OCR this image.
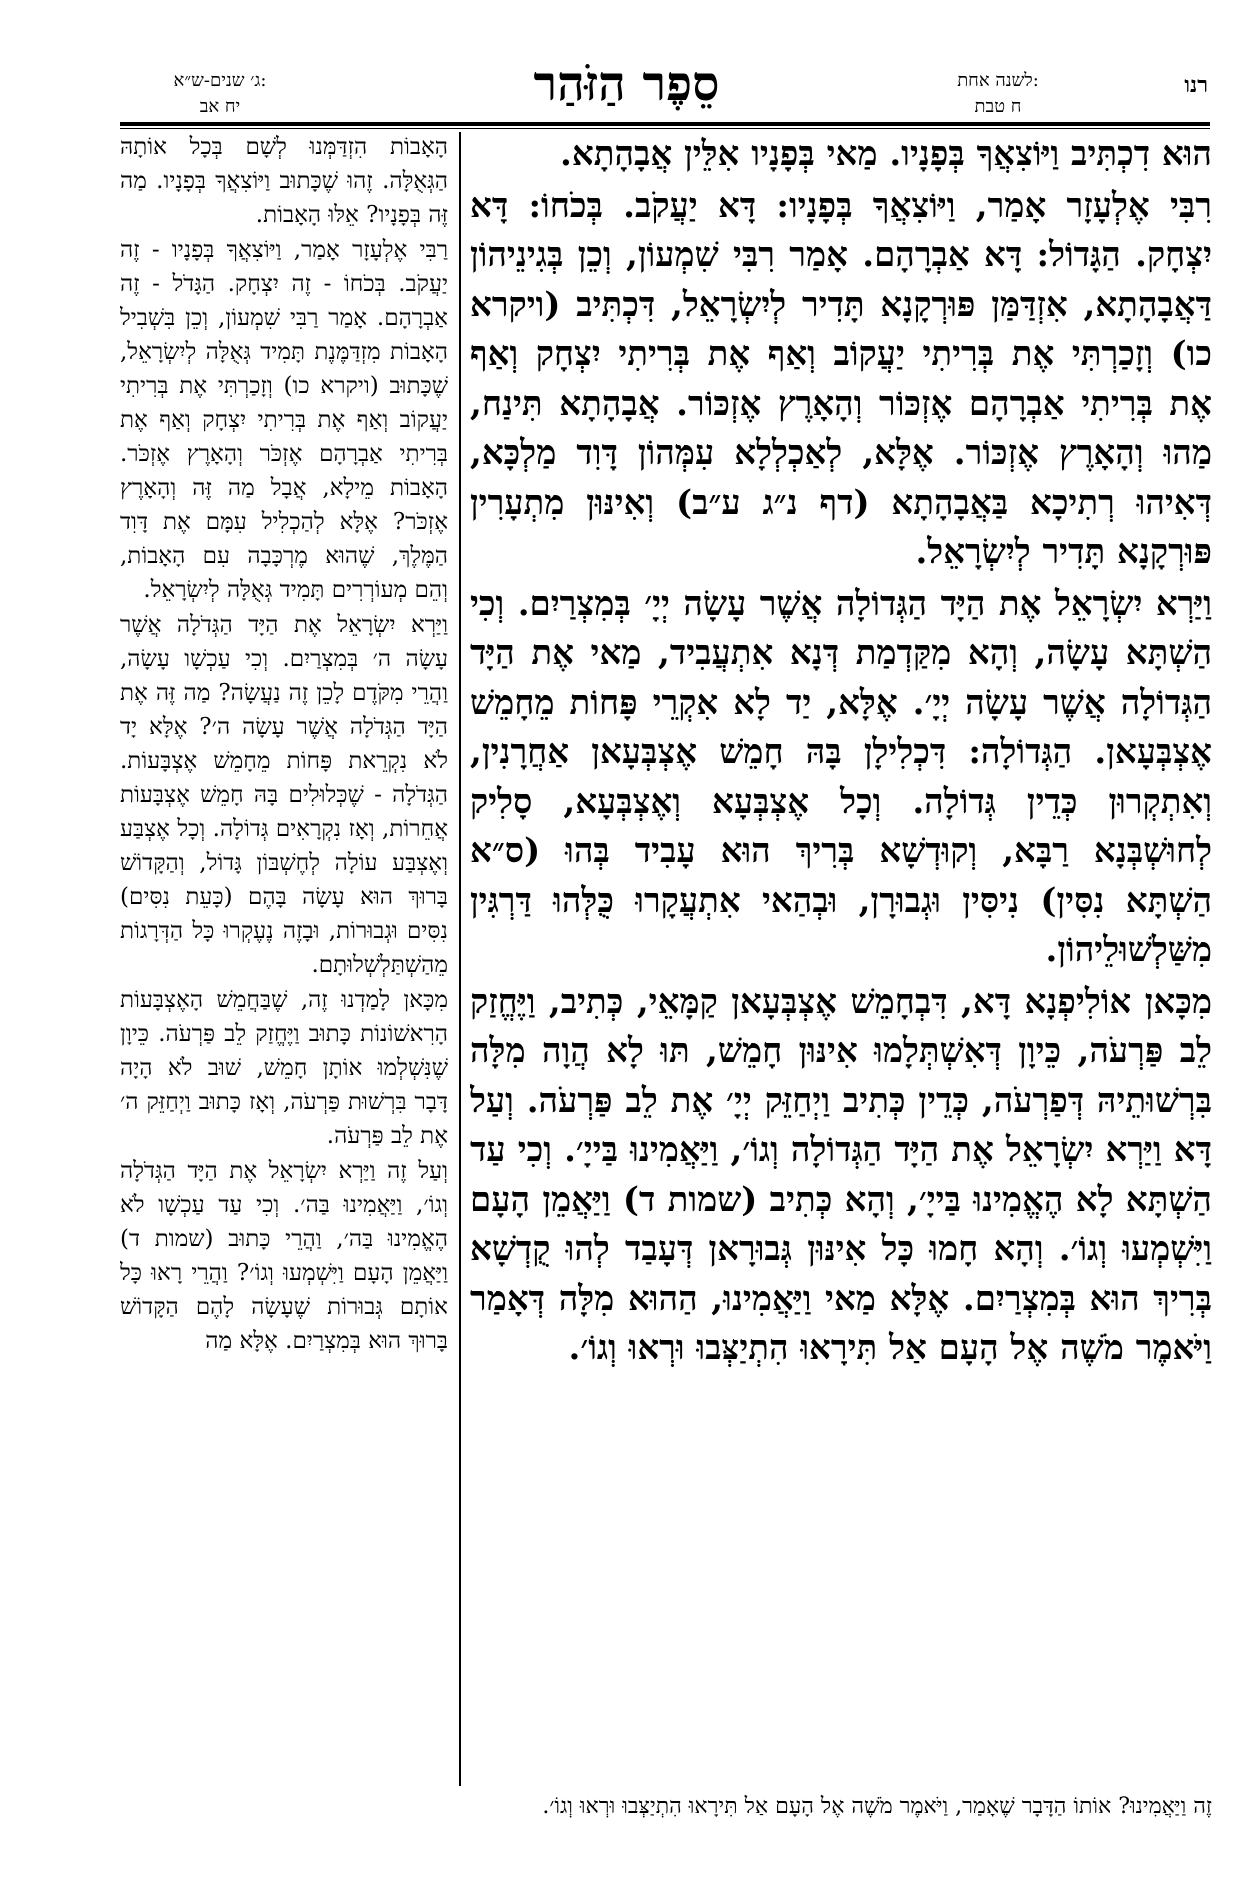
סֵפֶר הַזֹּהַר	רנו
לשנה אחת:
ח טבת
ג׳ שנים-ש״א:
יח אב

הוּא דִכְתִּיב וַיּוֹצִאֲךָ בְּפָנָיו. מַאי בְּפָנָיו אִלֵּין אֲבָהָתָא.

רִבִּי אֶלְעָזָר אָמַר, וַיּוֹצִאֲךָ בְּפָנָיו: דָּא יַעֲקֹב. בְּכֹחוֹ: דָּא יִצְחָק. הַגָּדוֹל: דָּא אַבְרָהָם. אָמַר רִבִּי שִׁמְעוֹן, וְכֵן בְּגִינֵיהוֹן דַּאֲבָהָתָא, אִזְדַּמַּן פּוּרְקָנָא תָּדִיר לְיִשְׂרָאֵל, דִּכְתִּיב (ויקרא כו) וְזָכַרְתִּי אֶת בְּרִיתִי יַעֲקוֹב וְאַף אֶת בְּרִיתִי יִצְחָק וְאַף אֶת בְּרִיתִי אַבְרָהָם אֶזְכּוֹר וְהָאָרֶץ אֶזְכּוֹר. אֲבָהָתָא תִּינַח, מַהוּ וְהָאָרֶץ אֶזְכּוֹר. אֶלָּא, לְאַכְלְלָא עִמְּהוֹן דָּוִד מַלְכָּא, דְּאִיהוּ רְתִיכָא בַּאֲבָהָתָא (דף נ״ג ע״ב) וְאִינּוּן מִתְעָרִין פּוּרְקָנָא תָּדִיר לְיִשְׂרָאֵל.

וַיַּרְא יִשְׂרָאֵל אֶת הַיָּד הַגְּדוֹלָה אֲשֶׁר עָשָׂה יְיָ׳ בְּמִצְרַיִם. וְכִי הַשְׁתָּא עָשָׂה, וְהָא מִקַּדְמַת דְּנָא אִתְעֲבִיד, מַאי אֶת הַיָּד הַגְּדוֹלָה אֲשֶׁר עָשָׂה יְיָ׳. אֶלָּא, יַד לָא אִקְרֵי פָּחוֹת מֵחָמֵשׁ אֶצְבְּעָאן. הַגְּדוֹלָה: דִּכְלִילָן בָּהּ חָמֵשׁ אֶצְבְּעָאן אַחֲרָנִין, וְאִתְקְרוּן כְּדֵין גְּדוֹלָה. וְכָל אֶצְבְּעָא וְאֶצְבְּעָא, סָלִיק לְחוּשְׁבְּנָא רַבָּא, וְקוּדְשָׁא בְּרִיךְ הוּא עָבִיד בְּהוּ (ס״א הַשְׁתָּא נִסִּין) נִיסִּין וּגְבוּרָן, וּבְהַאי אִתְעֲקָרוּ כֻּלְּהוּ דַּרְגִּין מִשַּׁלְשׁוּלֵיהוֹן.

מִכָּאן אוֹלִיפְנָא דָּא, דִּבְחָמֵשׁ אֶצְבְּעָאן קַמָּאֵי, כְּתִיב, וַיֶּחֱזַק לֵב פַּרְעֹה, כֵּיוָן דְּאִשְׁתְּלָמוּ אִינּוּן חָמֵשׁ, תּוּ לָא הֲוָה מִלָּה בִּרְשׁוּתֵיהּ דְּפַרְעֹה, כְּדֵין כְּתִיב וַיְחַזֵּק יְיָ׳ אֶת לֵב פַּרְעֹה. וְעַל דָּא וַיַּרְא יִשְׂרָאֵל אֶת הַיָּד הַגְּדוֹלָה וְגוֹ׳, וַיַּאֲמִינוּ בַּייָ׳. וְכִי עַד הַשְׁתָּא לָא הֶאֱמִינוּ בַּייָ׳, וְהָא כְּתִיב (שמות ד) וַיַּאֲמֵן הָעָם וַיִּשְׁמְעוּ וְגוֹ׳. וְהָא חָמוּ כָּל אִינּוּן גְּבוּרָאן דְּעָבַד לְהוּ קֻדְשָׁא בְּרִיךְ הוּא בְּמִצְרַיִם. אֶלָּא מַאי וַיַּאֲמִינוּ, הַהוּא מִלָּה דְּאָמַר וַיֹּאמֶר מֹשֶׁה אֶל הָעָם אַל תִּירָאוּ הִתְיַצְּבוּ וּרְאוּ וְגוֹ׳.

הָאָבוֹת הִזְדַּמְּנוּ לְשָׁם בְּכָל אוֹתָהּ הַגְּאֻלָּה. זֶהוּ שֶׁכָּתוּב וַיּוֹצִאֲךָ בְּפָנָיו. מַה זֶּה בְּפָנָיו? אֵלּוּ הָאָבוֹת.

רַבִּי אֶלְעָזָר אָמַר, וַיּוֹצִאֲךָ בְּפָנָיו - זֶה יַעֲקֹב. בְּכֹחוֹ - זֶה יִצְחָק. הַגָּדֹל - זֶה אַבְרָהָם. אָמַר רַבִּי שִׁמְעוֹן, וְכֵן בִּשְׁבִיל הָאָבוֹת מִזְדַּמֶּנֶת תָּמִיד גְּאֻלָּה לְיִשְׂרָאֵל, שֶׁכָּתוּב (ויקרא כו) וְזָכַרְתִּי אֶת בְּרִיתִי יַעֲקוֹב וְאַף אֶת בְּרִיתִי יִצְחָק וְאַף אֶת בְּרִיתִי אַבְרָהָם אֶזְכֹּר וְהָאָרֶץ אֶזְכֹּר. הָאָבוֹת מֵילָא, אֲבָל מַה זֶּה וְהָאָרֶץ אֶזְכֹּר? אֶלָּא לְהַכְלִיל עִמָּם אֶת דָּוִד הַמֶּלֶךְ, שֶׁהוּא מֶרְכָּבָה עִם הָאָבוֹת, וְהֵם מְעוֹרְרִים תָּמִיד גְּאֻלָּה לְיִשְׂרָאֵל.

וַיַּרְא יִשְׂרָאֵל אֶת הַיָּד הַגְּדֹלָה אֲשֶׁר עָשָׂה ה׳ בְּמִצְרַיִם. וְכִי עַכְשָׁו עָשָׂה, וַהֲרֵי מִקֹּדֶם לָכֵן זֶה נַעֲשָׂה? מַה זֶּה אֶת הַיָּד הַגְּדֹלָה אֲשֶׁר עָשָׂה ה׳? אֶלָּא יָד לֹא נִקְרֵאת פָּחוֹת מֵחָמֵשׁ אֶצְבָּעוֹת. הַגְּדֹלָה - שֶׁכְּלוּלִים בָּהּ חָמֵשׁ אֶצְבָּעוֹת אֲחֵרוֹת, וְאָז נִקְרָאִים גְּדוֹלָה. וְכָל אֶצְבַּע וְאֶצְבַּע עוֹלָה לְחֶשְׁבּוֹן גָּדוֹל, וְהַקָּדוֹשׁ בָּרוּךְ הוּא עָשָׂה בָּהֶם (כָּעֵת נִסִּים) נִסִּים וּגְבוּרוֹת, וּבָזֶה נֶעֶקְרוּ כָּל הַדְּרָגוֹת מֵהַשְׁתַּלְשְׁלוּתָם.

מִכָּאן לָמַדְנוּ זֶה, שֶׁבַּחֲמֵשׁ הָאֶצְבָּעוֹת הָרִאשׁוֹנוֹת כָּתוּב וַיֶּחֱזַק לֵב פַּרְעֹה. כֵּיוָן שֶׁנִּשְׁלְמוּ אוֹתָן חָמֵשׁ, שׁוּב לֹא הָיָה דָּבָר בִּרְשׁוּת פַּרְעֹה, וְאָז כָּתוּב וַיְחַזֵּק ה׳ אֶת לֵב פַּרְעֹה.

וְעַל זֶה וַיַּרְא יִשְׂרָאֵל אֶת הַיָּד הַגְּדֹלָה וְגוֹ׳, וַיַּאֲמִינוּ בַּה׳. וְכִי עַד עַכְשָׁו לֹא הֶאֱמִינוּ בַּה׳, וַהֲרֵי כָּתוּב (שמות ד) וַיַּאֲמֵן הָעָם וַיִּשְׁמְעוּ וְגוֹ׳? וַהֲרֵי רָאוּ כָּל אוֹתָם גְּבוּרוֹת שֶׁעָשָׂה לָהֶם הַקָּדוֹשׁ בָּרוּךְ הוּא בְּמִצְרַיִם. אֶלָּא מַה

זֶה וַיַּאֲמִינוּ? אוֹתוֹ הַדָּבָר שֶׁאָמַר, וַיֹּאמֶר מֹשֶׁה אֶל הָעָם אַל תִּירָאוּ הִתְיַצְּבוּ וּרְאוּ וְגוֹ׳.
